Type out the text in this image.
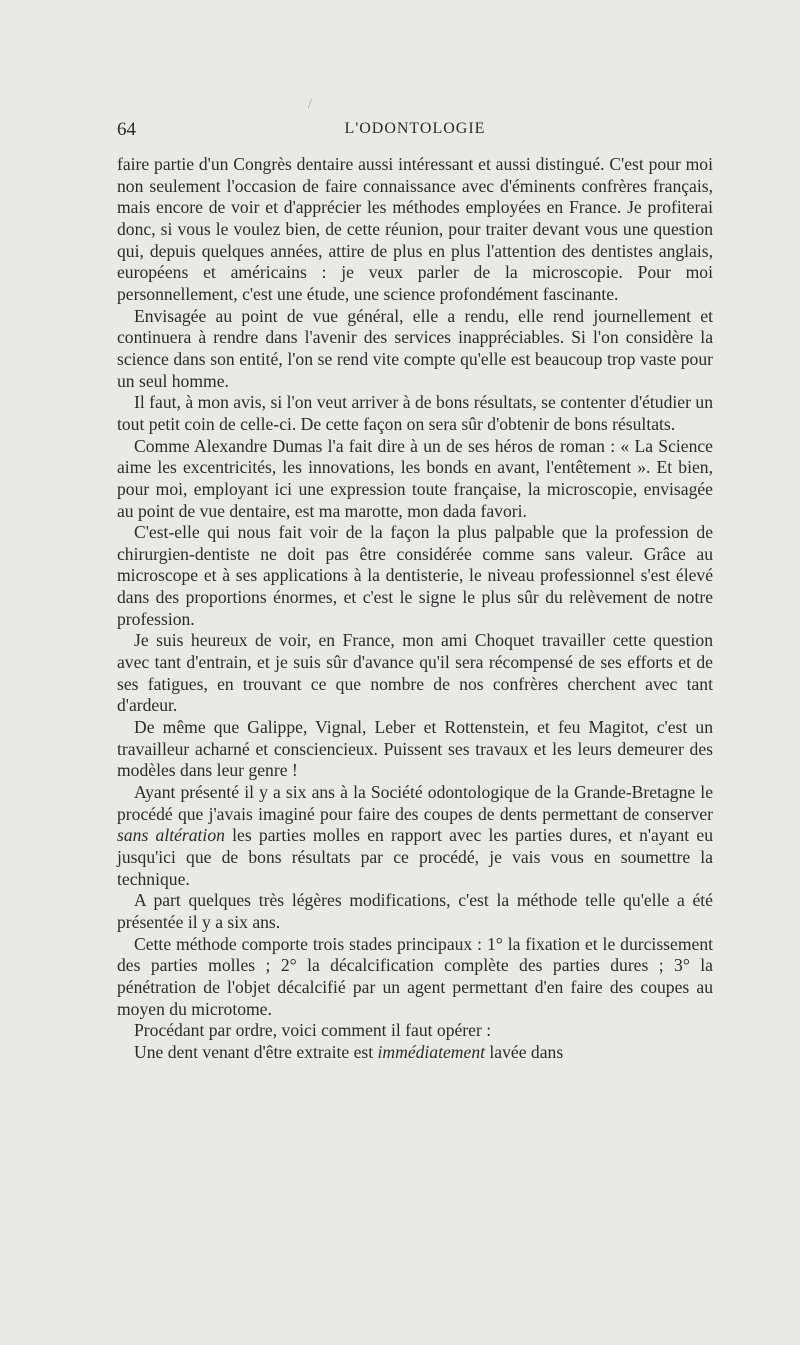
/
64	L'ODONTOLOGIE

faire partie d'un Congrès dentaire aussi intéressant et aussi distingué. C'est pour moi non seulement l'occasion de faire connaissance avec d'éminents confrères français, mais encore de voir et d'apprécier les méthodes employées en France. Je profiterai donc, si vous le voulez bien, de cette réunion, pour traiter devant vous une question qui, depuis quelques années, attire de plus en plus l'attention des dentistes anglais, européens et américains : je veux parler de la microscopie. Pour moi personnellement, c'est une étude, une science profondément fascinante.

Envisagée au point de vue général, elle a rendu, elle rend journellement et continuera à rendre dans l'avenir des services inappréciables. Si l'on considère la science dans son entité, l'on se rend vite compte qu'elle est beaucoup trop vaste pour un seul homme.

Il faut, à mon avis, si l'on veut arriver à de bons résultats, se contenter d'étudier un tout petit coin de celle-ci. De cette façon on sera sûr d'obtenir de bons résultats.

Comme Alexandre Dumas l'a fait dire à un de ses héros de roman : « La Science aime les excentricités, les innovations, les bonds en avant, l'entêtement ». Et bien, pour moi, employant ici une expression toute française, la microscopie, envisagée au point de vue dentaire, est ma marotte, mon dada favori.

C'est-elle qui nous fait voir de la façon la plus palpable que la profession de chirurgien-dentiste ne doit pas être considérée comme sans valeur. Grâce au microscope et à ses applications à la dentisterie, le niveau professionnel s'est élevé dans des proportions énormes, et c'est le signe le plus sûr du relèvement de notre profession.

Je suis heureux de voir, en France, mon ami Choquet travailler cette question avec tant d'entrain, et je suis sûr d'avance qu'il sera récompensé de ses efforts et de ses fatigues, en trouvant ce que nombre de nos confrères cherchent avec tant d'ardeur.

De même que Galippe, Vignal, Leber et Rottenstein, et feu Magitot, c'est un travailleur acharné et consciencieux. Puissent ses travaux et les leurs demeurer des modèles dans leur genre !

Ayant présenté il y a six ans à la Société odontologique de la Grande-Bretagne le procédé que j'avais imaginé pour faire des coupes de dents permettant de conserver sans altération les parties molles en rapport avec les parties dures, et n'ayant eu jusqu'ici que de bons résultats par ce procédé, je vais vous en soumettre la technique.

A part quelques très légères modifications, c'est la méthode telle qu'elle a été présentée il y a six ans.

Cette méthode comporte trois stades principaux : 1° la fixation et le durcissement des parties molles ; 2° la décalcification complète des parties dures ; 3° la pénétration de l'objet décalcifié par un agent permettant d'en faire des coupes au moyen du microtome.

Procédant par ordre, voici comment il faut opérer :

Une dent venant d'être extraite est immédiatement lavée dans
